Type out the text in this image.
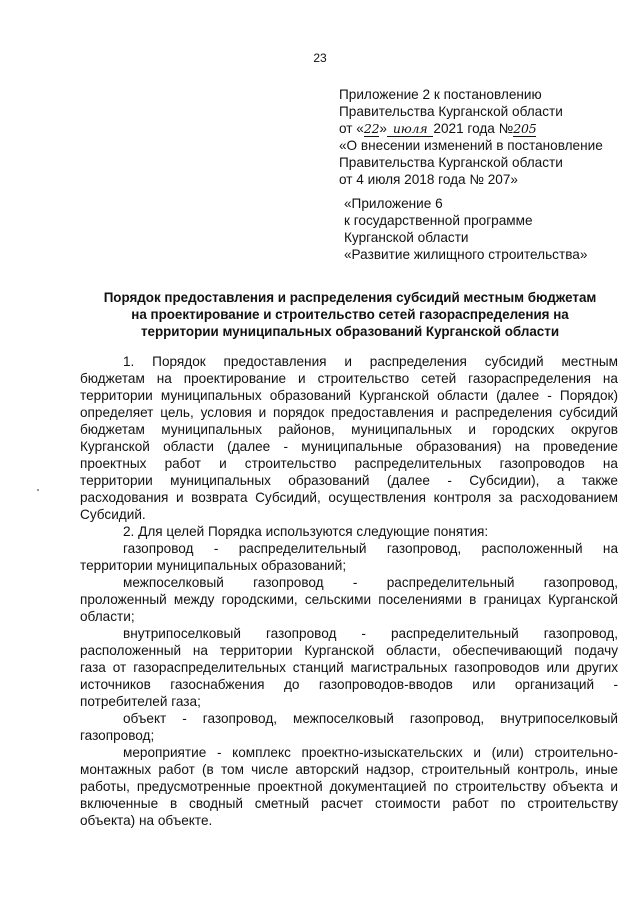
23
Приложение 2 к постановлению
Правительства Курганской области
от «22» июля 2021 года №205
«О внесении изменений в постановление
Правительства Курганской области
от 4 июля 2018 года № 207»
«Приложение 6
к государственной программе
Курганской области
«Развитие жилищного строительства»
Порядок предоставления и распределения субсидий местным бюджетам
на проектирование и строительство сетей газораспределения на
территории муниципальных образований Курганской области
1. Порядок предоставления и распределения субсидий местным
бюджетам на проектирование и строительство сетей газораспределения на
территории муниципальных образований Курганской области (далее - Порядок)
определяет цель, условия и порядок предоставления и распределения субсидий
бюджетам муниципальных районов, муниципальных и городских округов
Курганской области (далее - муниципальные образования) на проведение
проектных работ и строительство распределительных газопроводов на
территории муниципальных образований (далее - Субсидии), а также
расходования и возврата Субсидий, осуществления контроля за расходованием
Субсидий.
2. Для целей Порядка используются следующие понятия:
газопровод - распределительный газопровод, расположенный на
территории муниципальных образований;
межпоселковый газопровод - распределительный газопровод,
проложенный между городскими, сельскими поселениями в границах Курганской
области;
внутрипоселковый газопровод - распределительный газопровод,
расположенный на территории Курганской области, обеспечивающий подачу
газа от газораспределительных станций магистральных газопроводов или других
источников газоснабжения до газопроводов-вводов или организаций -
потребителей газа;
объект - газопровод, межпоселковый газопровод, внутрипоселковый
газопровод;
мероприятие - комплекс проектно-изыскательских и (или) строительно-
монтажных работ (в том числе авторский надзор, строительный контроль, иные
работы, предусмотренные проектной документацией по строительству объекта и
включенные в сводный сметный расчет стоимости работ по строительству
объекта) на объекте.
